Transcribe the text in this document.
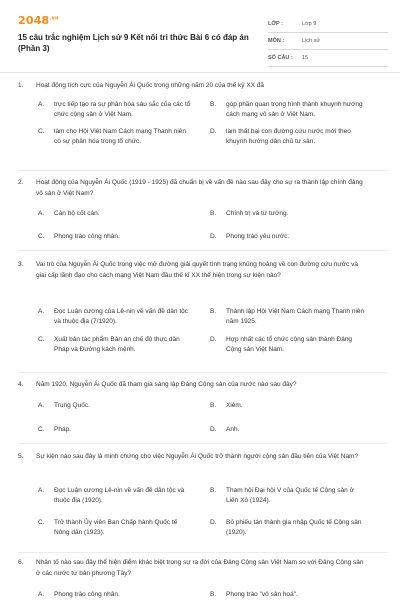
$2048^{.vn}$
15 câu trắc nghiệm Lịch sử 9 Kết nối tri thức Bài 6 có đáp án (Phần 3)
LỚP :	Lớp 9
MÔN :	Lịch sử
SỐ CÂU :	15
1.	Hoạt động tích cực của Nguyễn Ái Quốc trong những năm 20 của thế kỷ XX đã
A.	trực tiếp tạo ra sự phân hóa sâu sắc của các tổ chức cộng sản ở Việt Nam.
B.	góp phần quan trọng hình thành khuynh hướng cách mạng vô sản ở Việt Nam.
C.	làm cho Hội Việt Nam Cách mạng Thanh niên có sự phân hóa trong tổ chức.
D.	làm thất bại con đường cứu nước mới theo khuynh hướng dân chủ tư sản.
2.	Hoạt động của Nguyễn Ái Quốc (1919 - 1925) đã chuẩn bị về vấn đề nào sau đây cho sự ra thành lập chính đảng vô sản ở Việt Nam?
A.	Cán bộ cốt cán.	B.	Chính trị và tư tưởng.
C.	Phong trào công nhân.	D.	Phong trào yêu nước.
3.	Vai trò của Nguyễn Ái Quốc trong việc mở đường giải quyết tình trạng khủng hoảng về con đường cứu nước và giai cấp lãnh đạo cho cách mạng Việt Nam đầu thế kỉ XX thể hiện trong sự kiện nào?
A.	Đọc Luận cương của Lê-nin về vấn đề dân tộc và thuộc địa (7/1920).
B.	Thành lập Hội Việt Nam Cách mạng Thanh niên năm 1925.
C.	Xuất bản tác phẩm Bản án chế độ thực dân Pháp và Đường kách mệnh.
D.	Hợp nhất các tổ chức cộng sản thành Đảng Cộng sản Việt Nam.
4.	Năm 1920, Nguyễn Ái Quốc đã tham gia sáng lập Đảng Cộng sản của nước nào sau đây?
A.	Trung Quốc.	B.	Xiêm.
C.	Pháp.	D.	Anh.
5.	Sự kiện nào sau đây là minh chứng cho việc Nguyễn Ái Quốc trở thành người cộng sản đầu tiên của Việt Nam?
A.	Đọc Luận cương Lê-nin về vấn đề dân tộc và thuộc địa (1920).
B.	Tham hội Đại hội V của Quốc tế Cộng sản ở Liên Xô (1924).
C.	Trở thành Ủy viên Ban Chấp hành Quốc tế Nông dân (1923).
D.	Bỏ phiếu tán thành gia nhập Quốc tế Cộng sản (1920).
6.	Nhân tố nào sau đây thể hiện điểm khác biệt trong sự ra đời của Đảng Cộng sản Việt Nam so với Đảng Cộng sản ở các nước tư bản phương Tây?
A.	Phong trào công nhân.	B.	Phong trào "vô sản hoá".
